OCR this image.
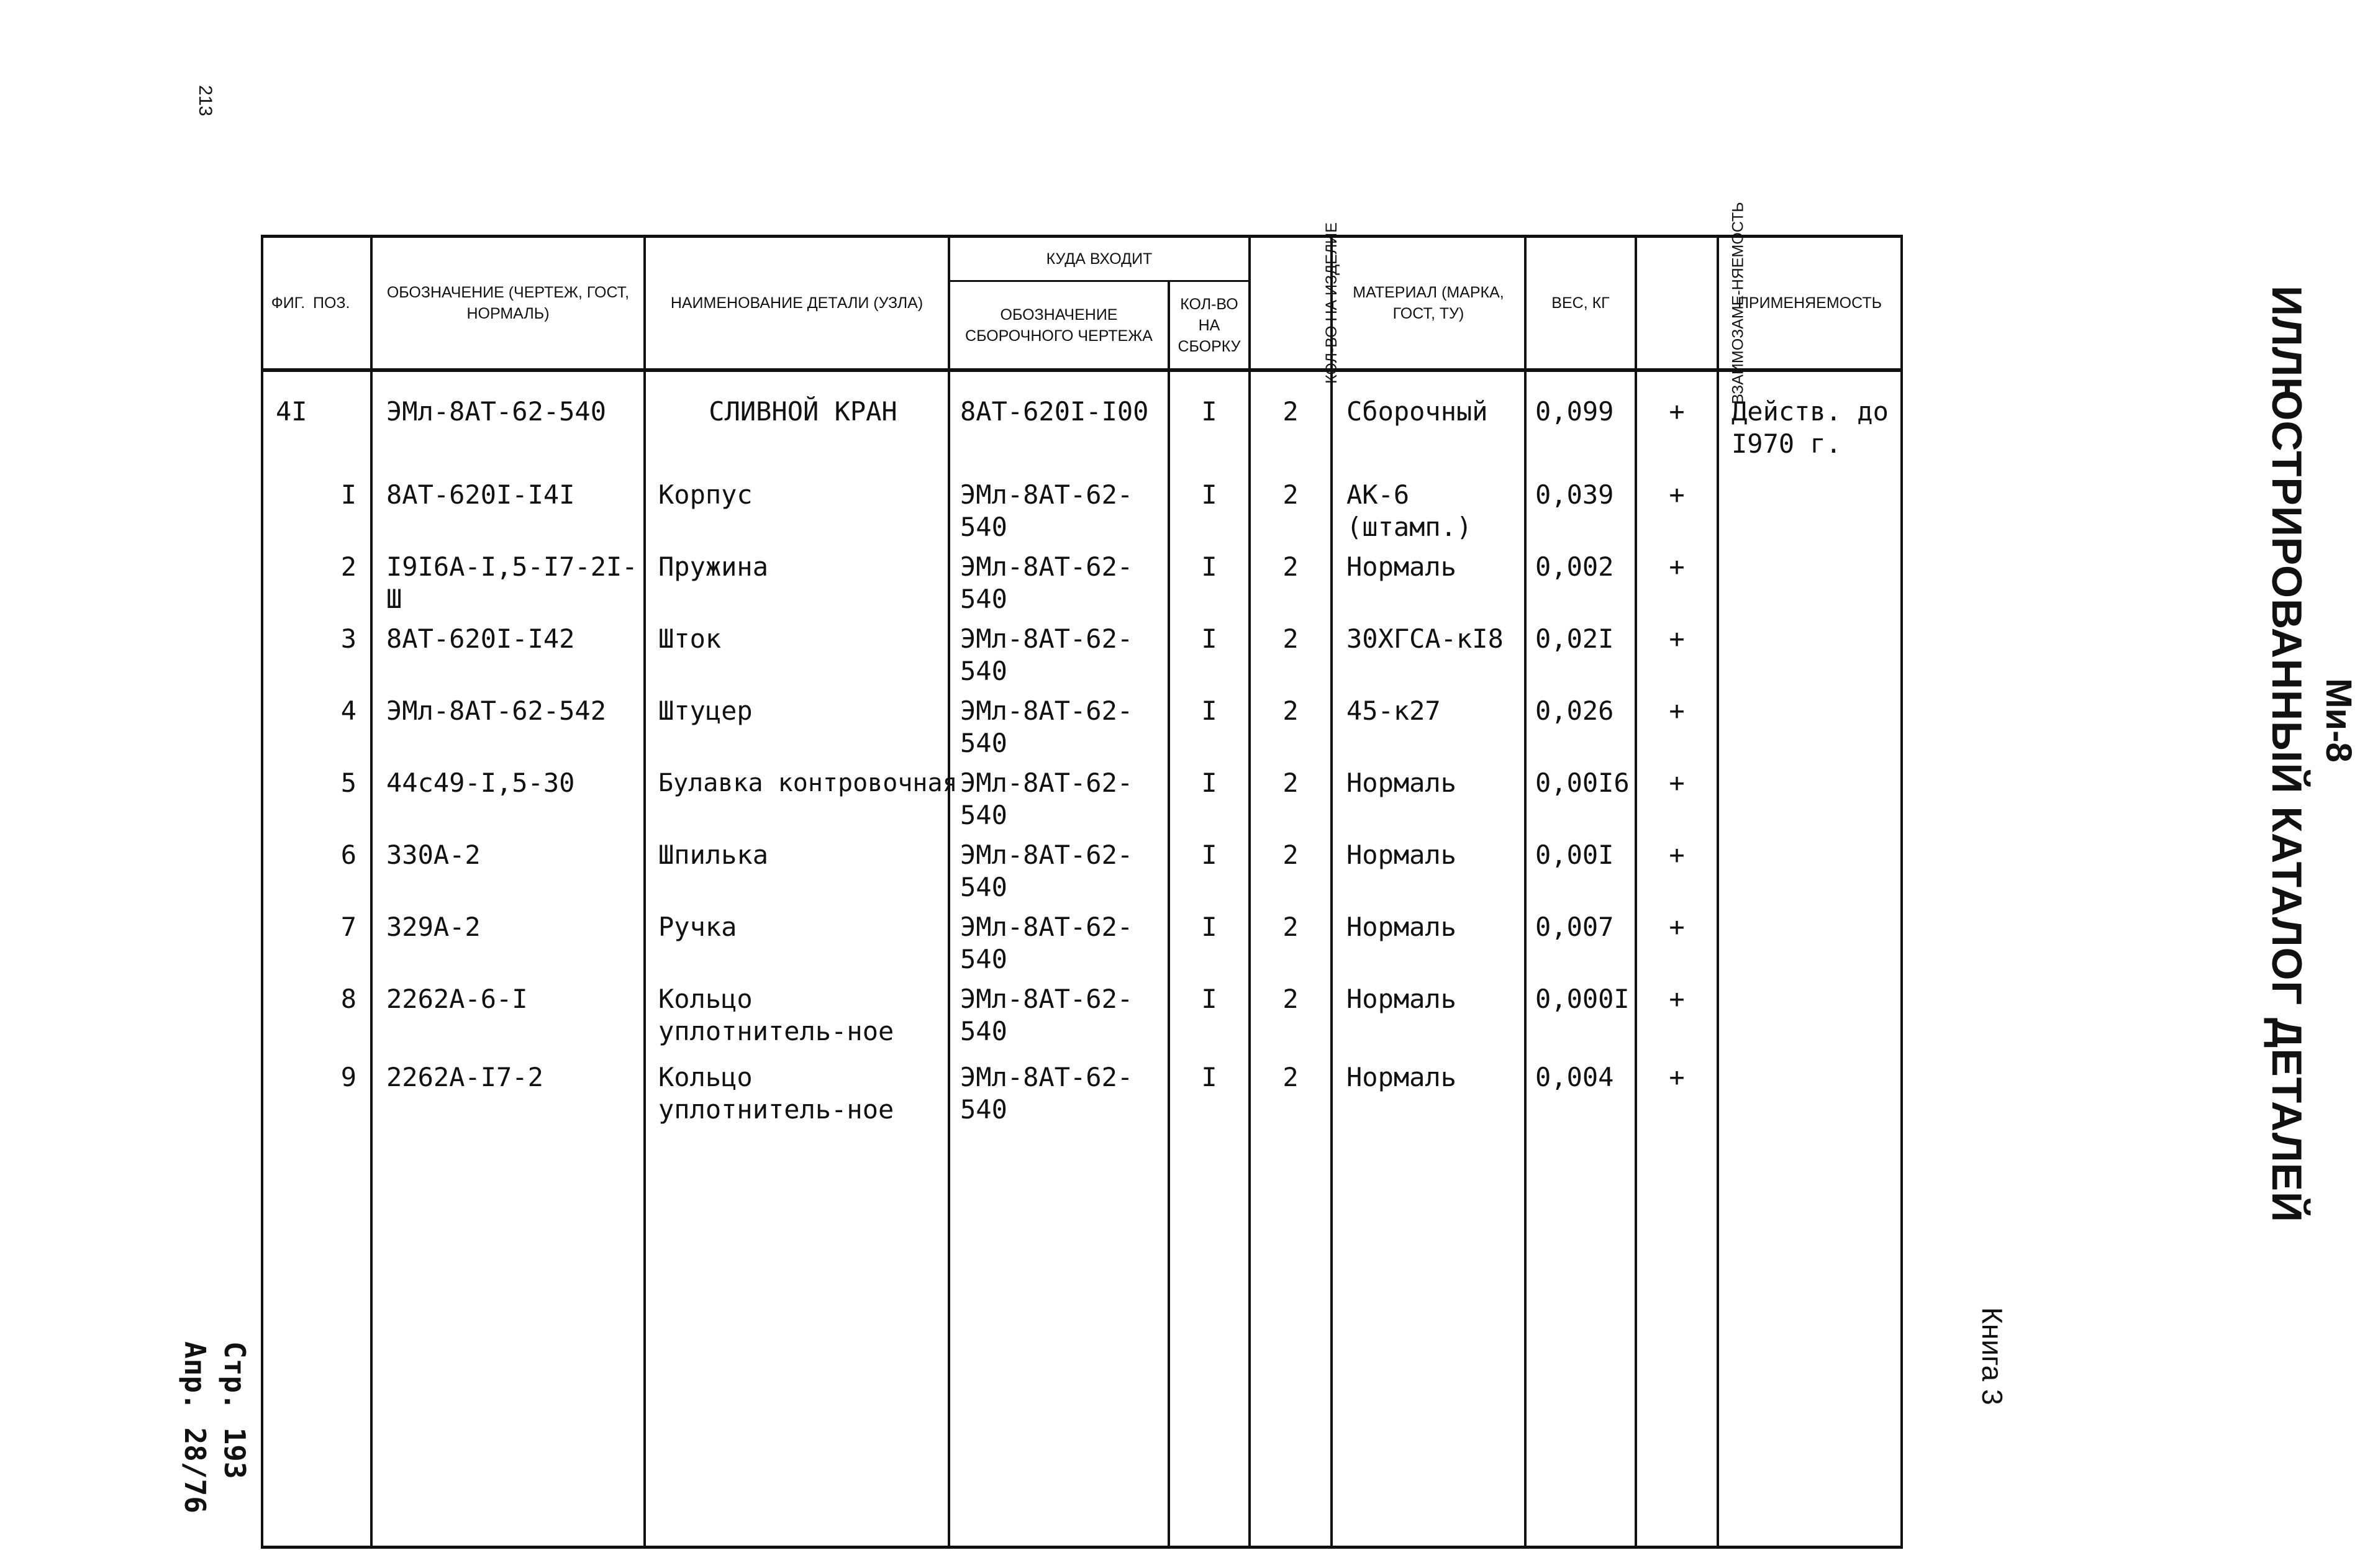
213
Ми-8
ИЛЛЮСТРИРОВАННЫЙ КАТАЛОГ ДЕТАЛЕЙ
Книга 3
Стр. 193
Апр. 28/76
ФИГ.	ПОЗ.	ОБОЗНАЧЕНИЕ (ЧЕРТЕЖ, ГОСТ, НОРМАЛЬ)	НАИМЕНОВАНИЕ ДЕТАЛИ (УЗЛА)	КУДА ВХОДИТ		КОЛ-ВО НА ИЗДЕЛИЕ	МАТЕРИАЛ (МАРКА, ГОСТ, ТУ)	ВЕС, КГ	ВЗАИМОЗАМЕ-НЯЕМОСТЬ	ПРИМЕНЯЕМОСТЬ
				ОБОЗНАЧЕНИЕ СБОРОЧНОГО ЧЕРТЕЖА	КОЛ-ВО НА СБОРКУ					
4I		ЭМл-8АТ-62-540	СЛИВНОЙ КРАН	8АТ-620I-I00	I	2	Сборочный	0,099	+	Действ. до I970 г.
	I	8АТ-620I-I4I	Корпус	ЭМл-8АТ-62-540	I	2	АК-6 (штамп.)	0,039	+	
	2	I9I6A-I,5-I7-2I-Ш	Пружина	ЭМл-8АТ-62-540	I	2	Нормаль	0,002	+	
	3	8АТ-620I-I42	Шток	ЭМл-8АТ-62-540	I	2	30ХГСА-кI8	0,02I	+	
	4	ЭМл-8АТ-62-542	Штуцер	ЭМл-8АТ-62-540	I	2	45-к27	0,026	+	
	5	44с49-I,5-30	Булавка контровочная	ЭМл-8АТ-62-540	I	2	Нормаль	0,00I6	+	
	6	330А-2	Шпилька	ЭМл-8АТ-62-540	I	2	Нормаль	0,00I	+	
	7	329А-2	Ручка	ЭМл-8АТ-62-540	I	2	Нормаль	0,007	+	
	8	2262А-6-I	Кольцо уплотнитель-ное	ЭМл-8АТ-62-540	I	2	Нормаль	0,000I	+	
	9	2262А-I7-2	Кольцо уплотнитель-ное	ЭМл-8АТ-62-540	I	2	Нормаль	0,004	+	
